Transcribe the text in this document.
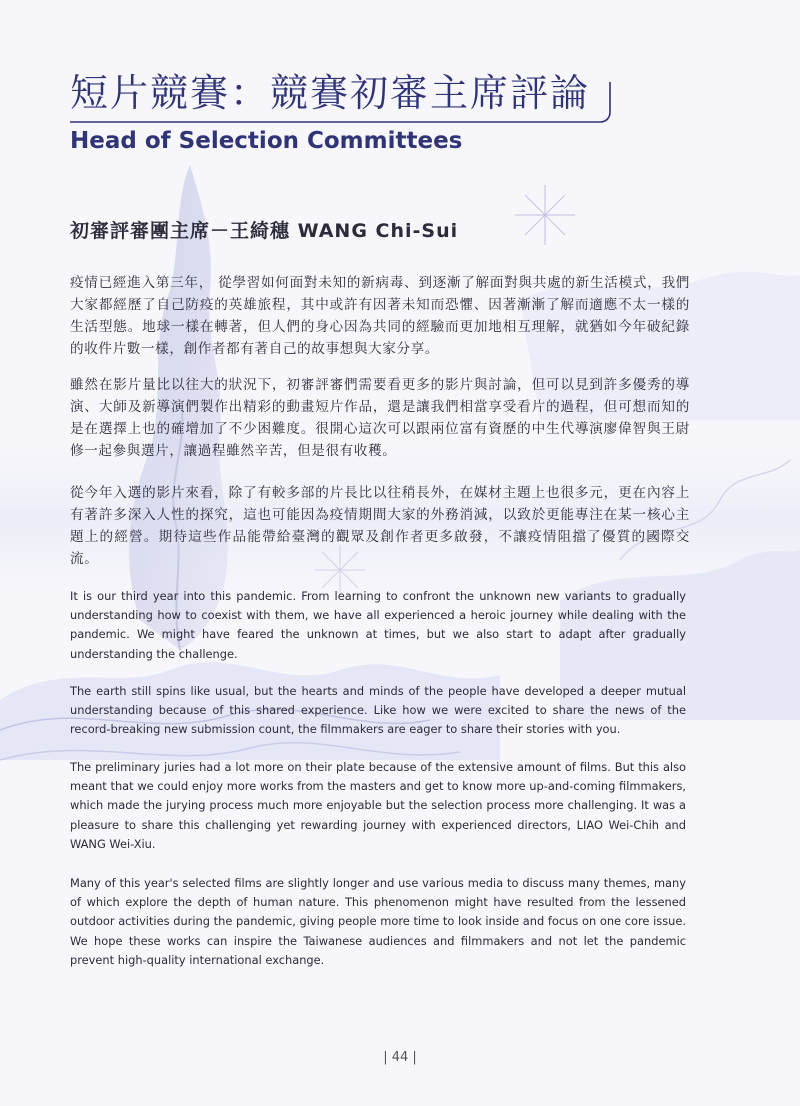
短片競賽：競賽初審主席評論
Head of Selection Committees
初審評審團主席－王綺穗 WANG Chi-Sui

疫情已經進入第三年， 從學習如何面對未知的新病毒、到逐漸了解面對與共處的新生活模式，我們大家都經歷了自己防疫的英雄旅程，其中或許有因著未知而恐懼、因著漸漸了解而適應不太一樣的生活型態。地球一樣在轉著，但人們的身心因為共同的經驗而更加地相互理解，就猶如今年破紀錄的收件片數一樣，創作者都有著自己的故事想與大家分享。

雖然在影片量比以往大的狀況下，初審評審們需要看更多的影片與討論，但可以見到許多優秀的導演、大師及新導演們製作出精彩的動畫短片作品，還是讓我們相當享受看片的過程，但可想而知的是在選擇上也的確增加了不少困難度。很開心這次可以跟兩位富有資歷的中生代導演廖偉智與王尉修一起參與選片，讓過程雖然辛苦，但是很有收穫。

從今年入選的影片來看，除了有較多部的片長比以往稍長外，在媒材主題上也很多元，更在內容上有著許多深入人性的探究，這也可能因為疫情期間大家的外務消減，以致於更能專注在某一核心主題上的經營。期待這些作品能帶給臺灣的觀眾及創作者更多啟發，不讓疫情阻擋了優質的國際交流。

It is our third year into this pandemic. From learning to confront the unknown new variants to gradually understanding how to coexist with them, we have all experienced a heroic journey while dealing with the pandemic. We might have feared the unknown at times, but we also start to adapt after gradually understanding the challenge.

The earth still spins like usual, but the hearts and minds of the people have developed a deeper mutual understanding because of this shared experience. Like how we were excited to share the news of the record-breaking new submission count, the filmmakers are eager to share their stories with you.

The preliminary juries had a lot more on their plate because of the extensive amount of films. But this also meant that we could enjoy more works from the masters and get to know more up-and-coming filmmakers, which made the jurying process much more enjoyable but the selection process more challenging. It was a pleasure to share this challenging yet rewarding journey with experienced directors, LIAO Wei-Chih and WANG Wei-Xiu.

Many of this year's selected films are slightly longer and use various media to discuss many themes, many of which explore the depth of human nature. This phenomenon might have resulted from the lessened outdoor activities during the pandemic, giving people more time to look inside and focus on one core issue. We hope these works can inspire the Taiwanese audiences and filmmakers and not let the pandemic prevent high-quality international exchange.

| 44 |
